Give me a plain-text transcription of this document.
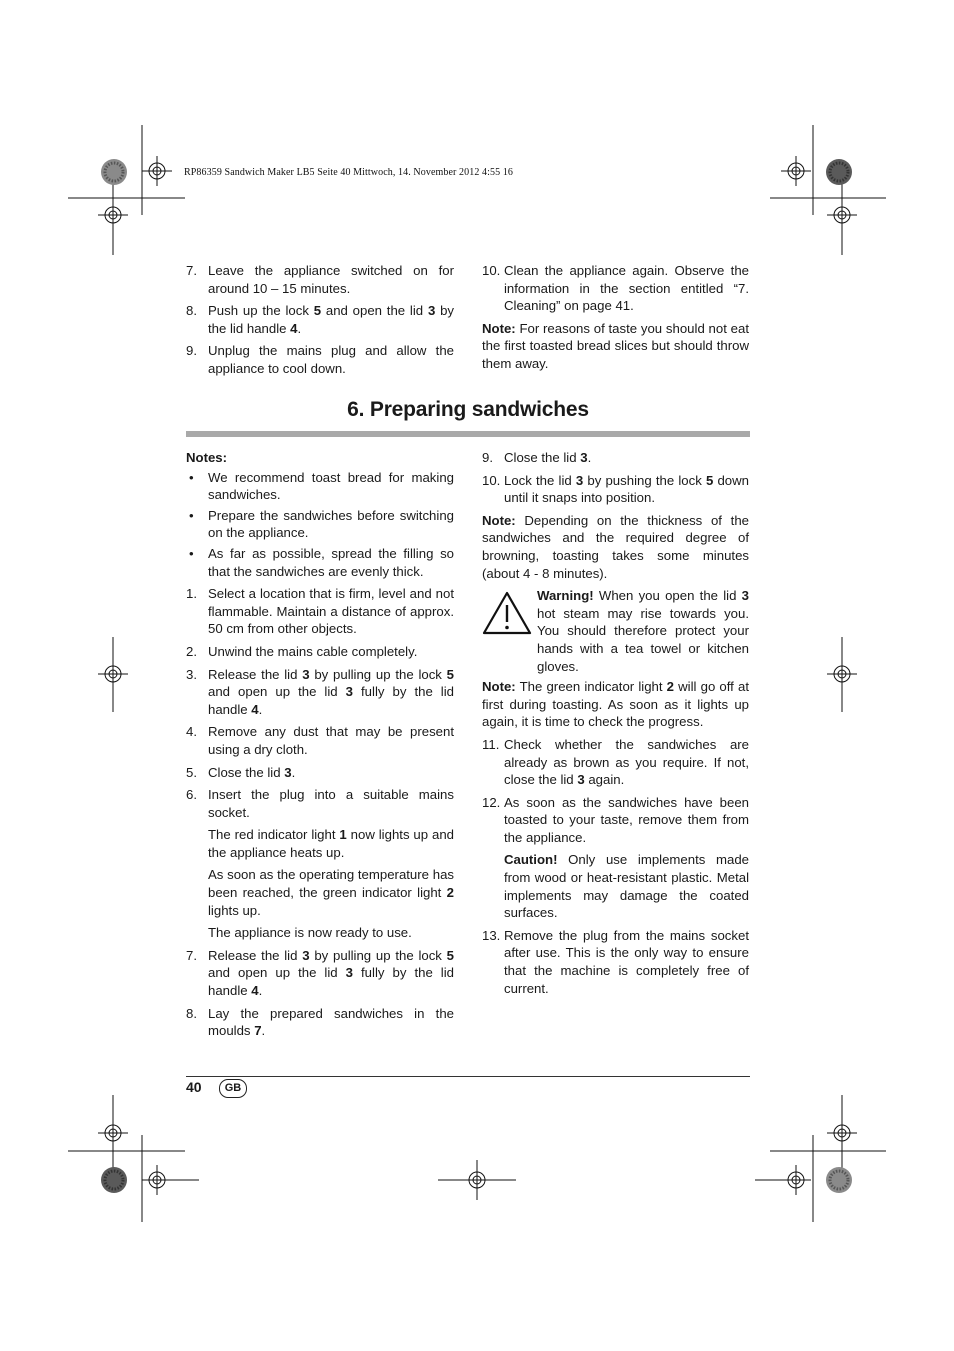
RP86359 Sandwich Maker LB5 Seite 40 Mittwoch, 14. November 2012 4:55 16
7. Leave the appliance switched on for around 10 – 15 minutes.
8. Push up the lock 5 and open the lid 3 by the lid handle 4.
9. Unplug the mains plug and allow the appliance to cool down.
10. Clean the appliance again. Observe the information in the section entitled “7. Cleaning” on page 41.

Note: For reasons of taste you should not eat the first toasted bread slices but should throw them away.

6. Preparing sandwiches

Notes:

• We recommend toast bread for making sandwiches.
• Prepare the sandwiches before switching on the appliance.
• As far as possible, spread the filling so that the sandwiches are evenly thick.
1. Select a location that is firm, level and not flammable. Maintain a distance of approx. 50 cm from other objects.
2. Unwind the mains cable completely.
3. Release the lid 3 by pulling up the lock 5 and open up the lid 3 fully by the lid handle 4.
4. Remove any dust that may be present using a dry cloth.
5. Close the lid 3.
6. Insert the plug into a suitable mains socket.

The red indicator light 1 now lights up and the appliance heats up.

As soon as the operating temperature has been reached, the green indicator light 2 lights up.

The appliance is now ready to use.

7. Release the lid 3 by pulling up the lock 5 and open up the lid 3 fully by the lid handle 4.
8. Lay the prepared sandwiches in the moulds 7.
9. Close the lid 3.
10. Lock the lid 3 by pushing the lock 5 down until it snaps into position.

Note: Depending on the thickness of the sandwiches and the required degree of browning, toasting takes some minutes (about 4 - 8 minutes).

Warning! When you open the lid 3 hot steam may rise towards you. You should therefore protect your hands with a tea towel or kitchen gloves.

Note: The green indicator light 2 will go off at first during toasting. As soon as it lights up again, it is time to check the progress.

11. Check whether the sandwiches are already as brown as you require. If not, close the lid 3 again.
12. As soon as the sandwiches have been toasted to your taste, remove them from the appliance.

Caution! Only use implements made from wood or heat-resistant plastic. Metal implements may damage the coated surfaces.

13. Remove the plug from the mains socket after use. This is the only way to ensure that the machine is completely free of current.
40	GB
